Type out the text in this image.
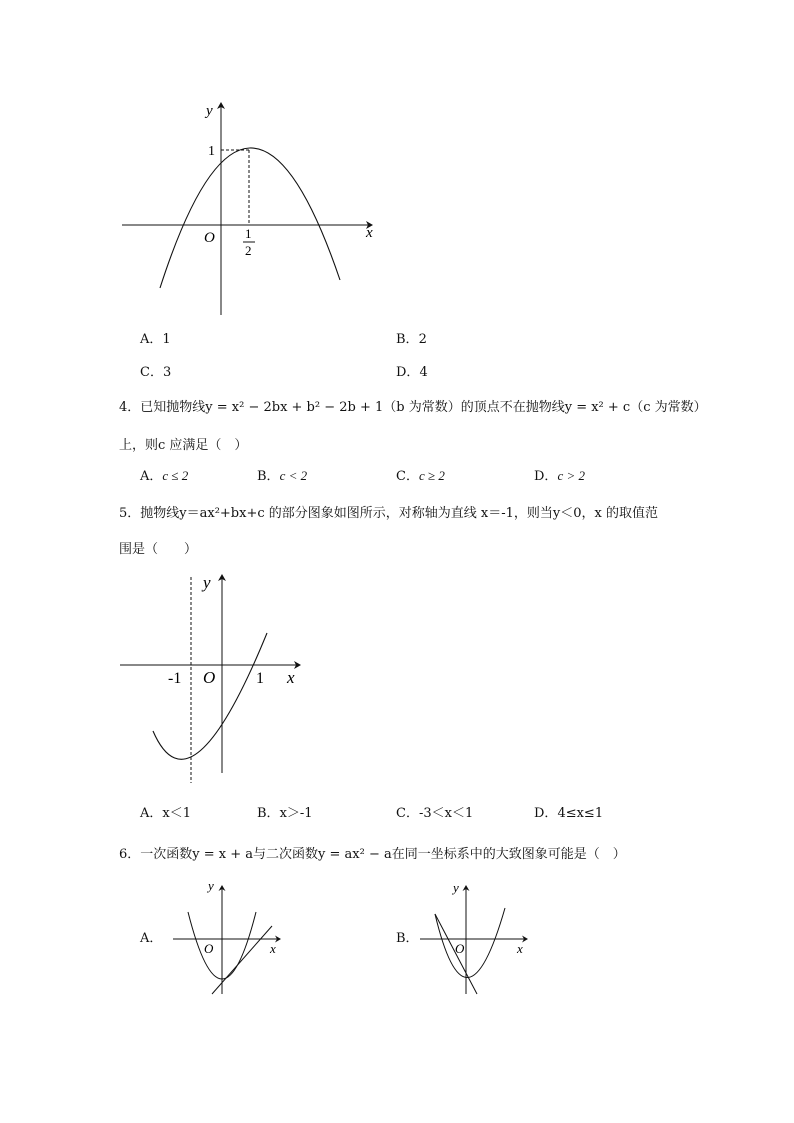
y
x
O
1
1
2
A．1	B．2
C．3	D．4
4．已知抛物线y = x² − 2bx + b² − 2b + 1（b 为常数）的顶点不在抛物线y = x² + c（c 为常数）
上，则c 应满足（　）
A．c ≤ 2	B．c < 2	C．c ≥ 2	D．c > 2
5．抛物线y＝ax²+bx+c 的部分图象如图所示，对称轴为直线 x＝-1，则当y＜0，x 的取值范
围是（　　）
y
x
O
-1	1
A．x＜1	B．x＞-1	C．-3＜x＜1	D．4≤x≤1
6．一次函数y = x + a与二次函数y = ax² − a在同一坐标系中的大致图象可能是（　）
A．
y
x
O
B．
y
x
O
